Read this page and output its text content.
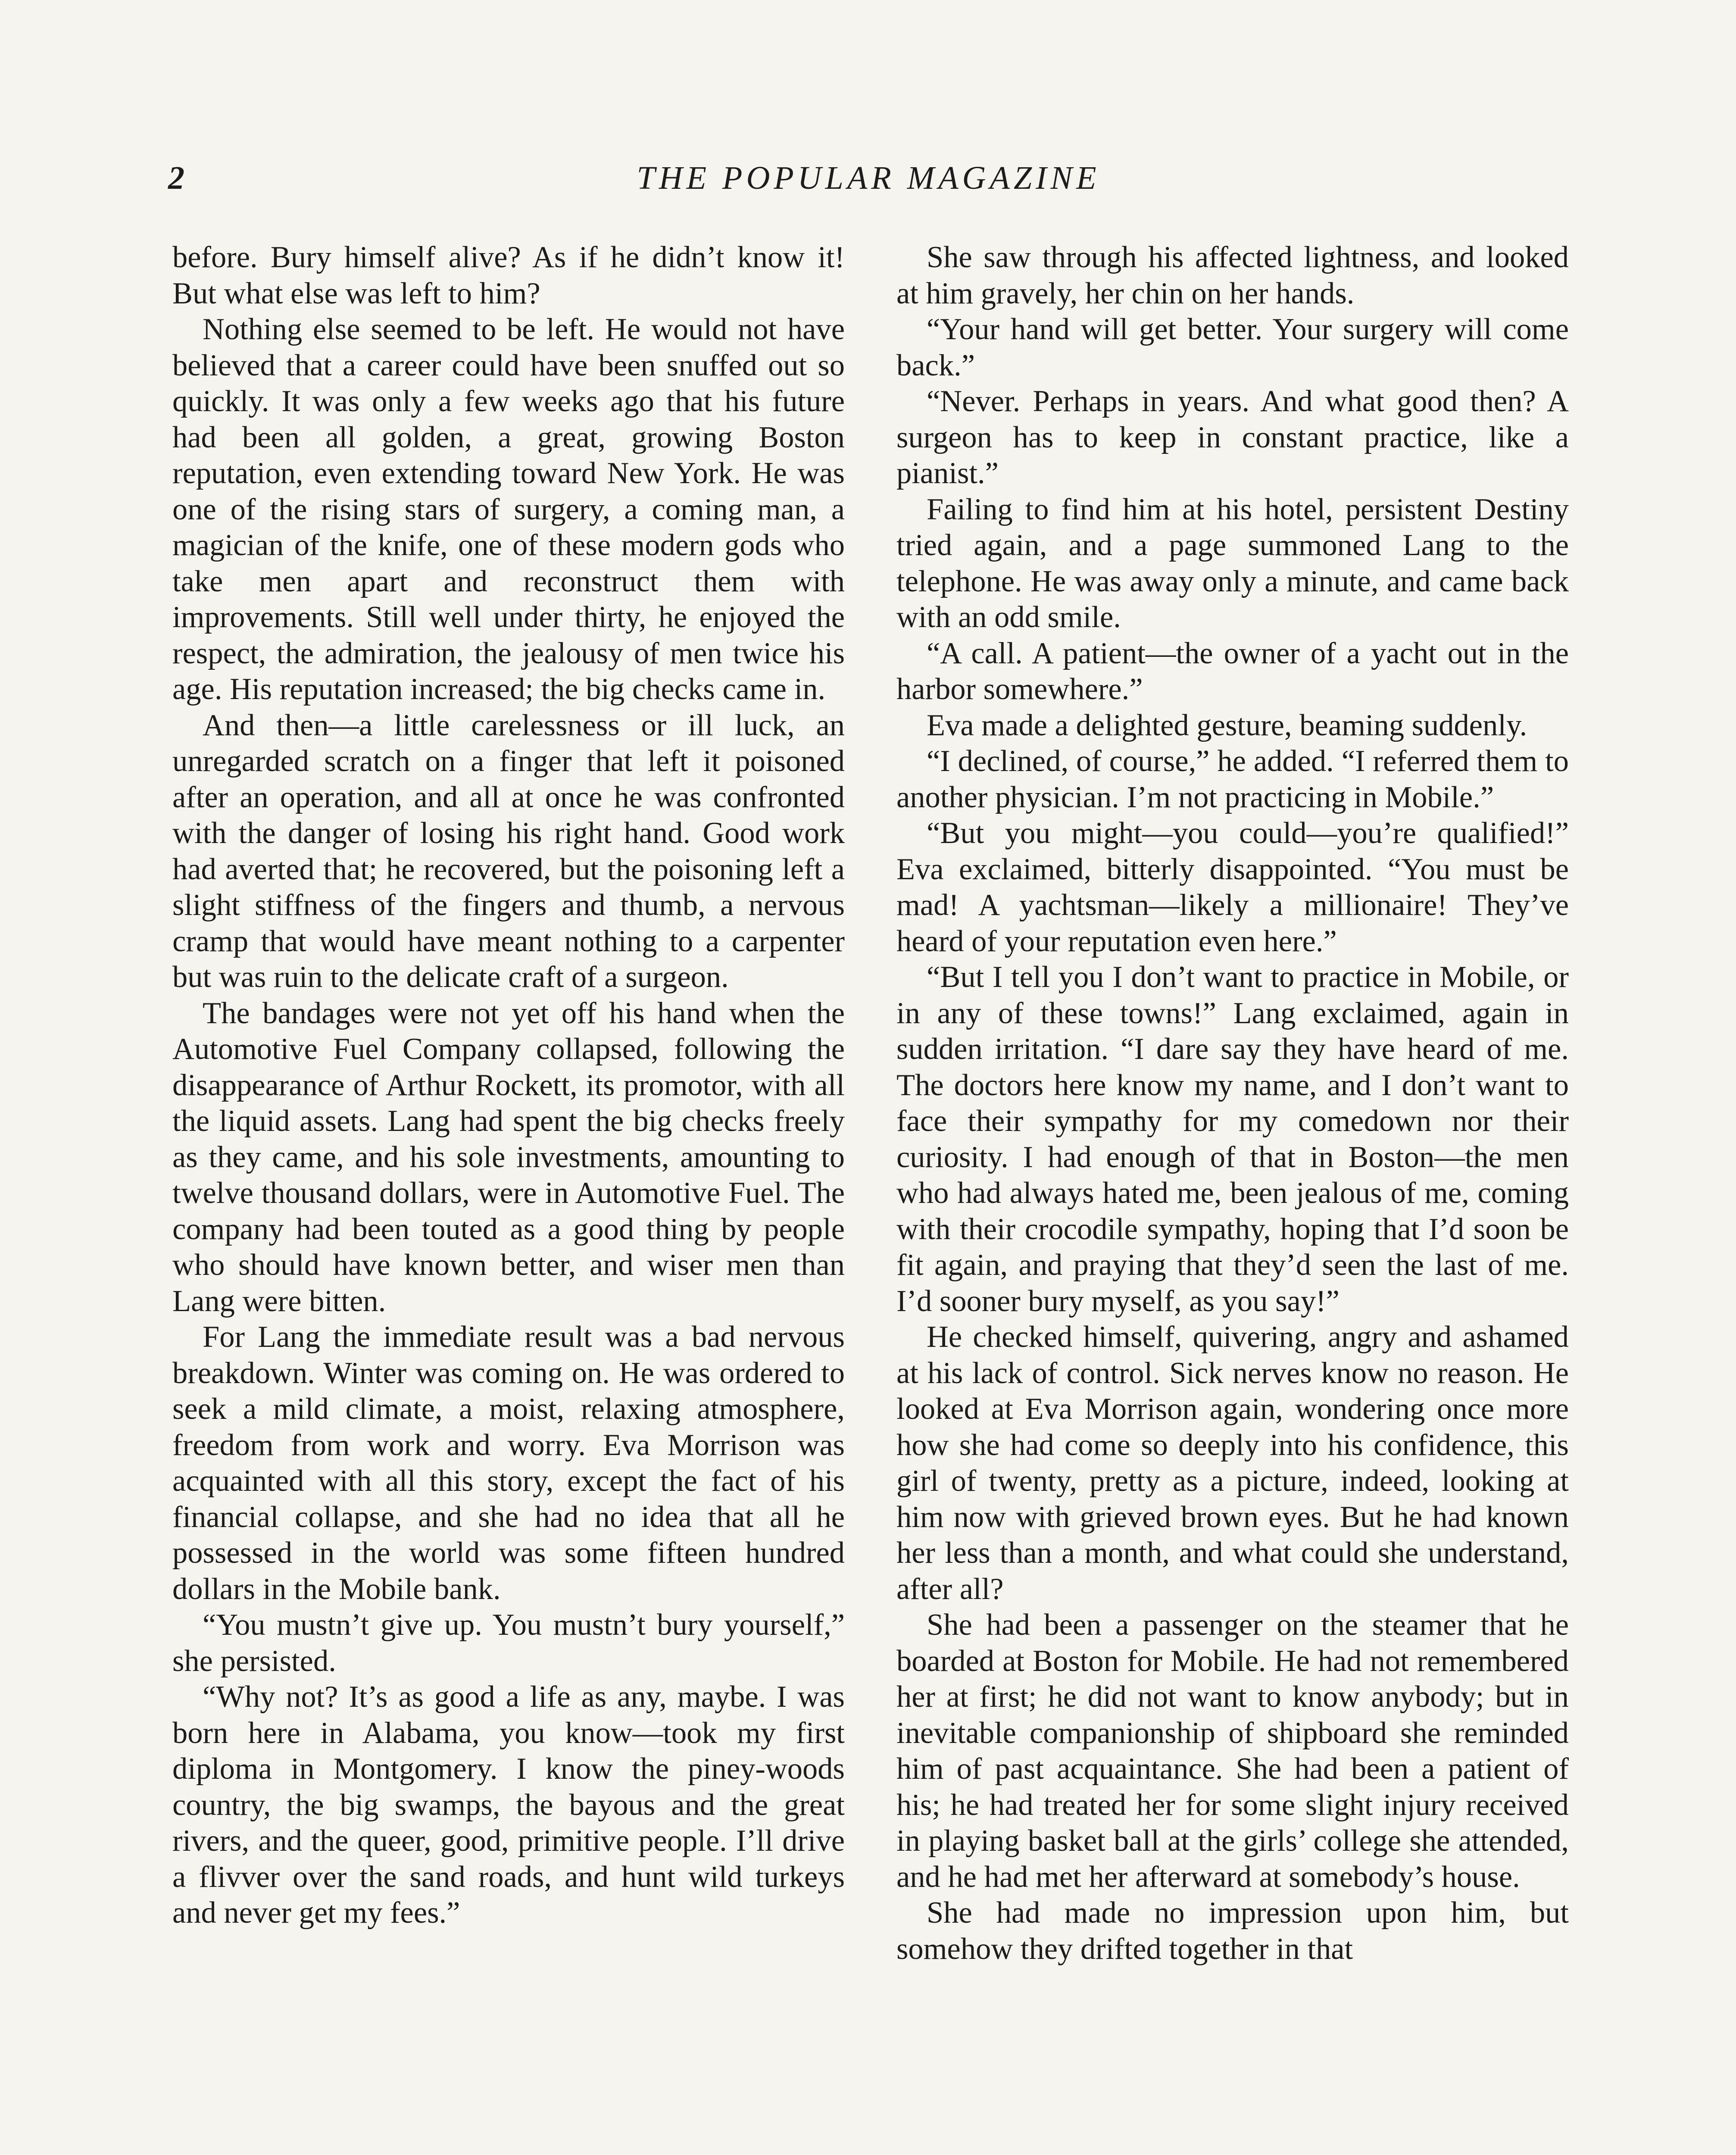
2	THE POPULAR MAGAZINE

before. Bury himself alive? As if he didn’t know it! But what else was left to him?

Nothing else seemed to be left. He would not have believed that a career could have been snuffed out so quickly. It was only a few weeks ago that his future had been all golden, a great, growing Boston reputation, even extending toward New York. He was one of the rising stars of surgery, a coming man, a magician of the knife, one of these modern gods who take men apart and reconstruct them with improvements. Still well under thirty, he enjoyed the respect, the admiration, the jealousy of men twice his age. His reputation increased; the big checks came in.

And then—a little carelessness or ill luck, an unregarded scratch on a finger that left it poisoned after an operation, and all at once he was confronted with the danger of losing his right hand. Good work had averted that; he recovered, but the poisoning left a slight stiffness of the fingers and thumb, a nervous cramp that would have meant nothing to a carpenter but was ruin to the delicate craft of a surgeon.

The bandages were not yet off his hand when the Automotive Fuel Company collapsed, following the disappearance of Arthur Rockett, its promotor, with all the liquid assets. Lang had spent the big checks freely as they came, and his sole investments, amounting to twelve thousand dollars, were in Automotive Fuel. The company had been touted as a good thing by people who should have known better, and wiser men than Lang were bitten.

For Lang the immediate result was a bad nervous breakdown. Winter was coming on. He was ordered to seek a mild climate, a moist, relaxing atmosphere, freedom from work and worry. Eva Morrison was acquainted with all this story, except the fact of his financial collapse, and she had no idea that all he possessed in the world was some fifteen hundred dollars in the Mobile bank.

“You mustn’t give up. You mustn’t bury yourself,” she persisted.

“Why not? It’s as good a life as any, maybe. I was born here in Alabama, you know—took my first diploma in Montgomery. I know the piney-woods country, the big swamps, the bayous and the great rivers, and the queer, good, primitive people. I’ll drive a flivver over the sand roads, and hunt wild turkeys and never get my fees.”

She saw through his affected lightness, and looked at him gravely, her chin on her hands.

“Your hand will get better. Your surgery will come back.”

“Never. Perhaps in years. And what good then? A surgeon has to keep in constant practice, like a pianist.”

Failing to find him at his hotel, persistent Destiny tried again, and a page summoned Lang to the telephone. He was away only a minute, and came back with an odd smile.

“A call. A patient—the owner of a yacht out in the harbor somewhere.”

Eva made a delighted gesture, beaming suddenly.

“I declined, of course,” he added. “I referred them to another physician. I’m not practicing in Mobile.”

“But you might—you could—you’re qualified!” Eva exclaimed, bitterly disappointed. “You must be mad! A yachtsman—likely a millionaire! They’ve heard of your reputation even here.”

“But I tell you I don’t want to practice in Mobile, or in any of these towns!” Lang exclaimed, again in sudden irritation. “I dare say they have heard of me. The doctors here know my name, and I don’t want to face their sympathy for my comedown nor their curiosity. I had enough of that in Boston—the men who had always hated me, been jealous of me, coming with their crocodile sympathy, hoping that I’d soon be fit again, and praying that they’d seen the last of me. I’d sooner bury myself, as you say!”

He checked himself, quivering, angry and ashamed at his lack of control. Sick nerves know no reason. He looked at Eva Morrison again, wondering once more how she had come so deeply into his confidence, this girl of twenty, pretty as a picture, indeed, looking at him now with grieved brown eyes. But he had known her less than a month, and what could she understand, after all?

She had been a passenger on the steamer that he boarded at Boston for Mobile. He had not remembered her at first; he did not want to know anybody; but in inevitable companionship of shipboard she reminded him of past acquaintance. She had been a patient of his; he had treated her for some slight injury received in playing basket ball at the girls’ college she attended, and he had met her afterward at somebody’s house.

She had made no impression upon him, but somehow they drifted together in that
